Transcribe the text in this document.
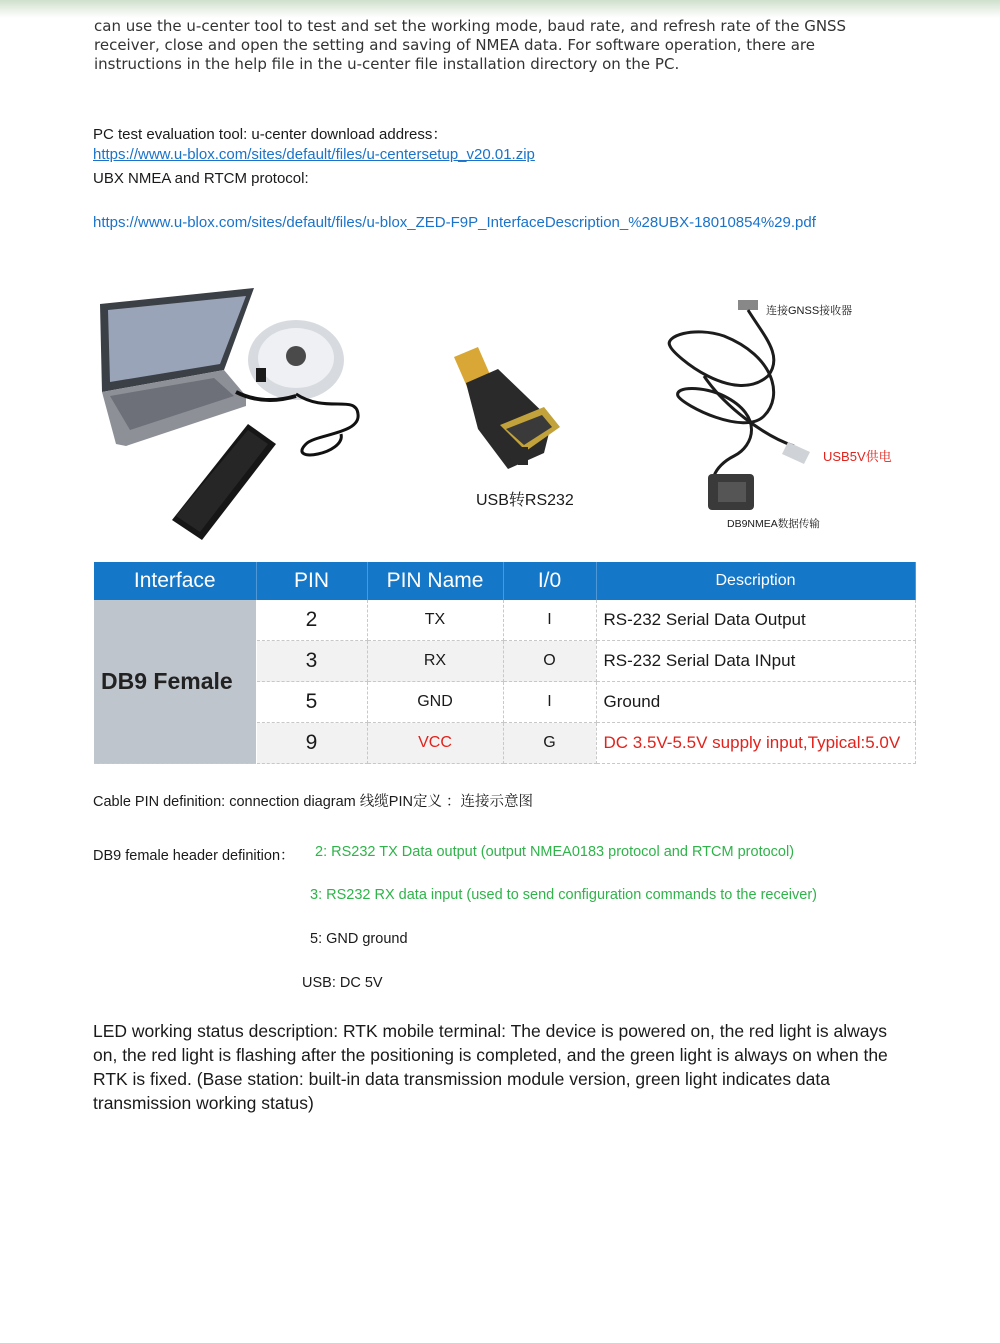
can use the u-center tool to test and set the working mode, baud rate, and refresh rate of the GNSS
receiver, close and open the setting and saving of NMEA data. For software operation, there are
instructions in the help file in the u-center file installation directory on the PC.
PC test evaluation tool: u-center download address：
https://www.u-blox.com/sites/default/files/u-centersetup_v20.01.zip
UBX NMEA and RTCM protocol:
https://www.u-blox.com/sites/default/files/u-blox_ZED-F9P_InterfaceDescription_%28UBX-18010854%29.pdf
USB转RS232
连接GNSS接收器
USB5V供电
DB9NMEA数据传输
Interface	PIN	PIN Name	I/0	Description
DB9 Female	2	TX	I	RS-232 Serial Data Output
	3	RX	O	RS-232 Serial Data INput
	5	GND	I	Ground
	9	VCC	G	DC 3.5V-5.5V supply input,Typical:5.0V
Cable PIN definition: connection diagram 线缆PIN定义 ：连接示意图
DB9 female header definition： 2: RS232 TX Data output (output NMEA0183 protocol and RTCM protocol)
3: RS232 RX data input (used to send configuration commands to the receiver)
5: GND ground
USB: DC 5V
LED working status description: RTK mobile terminal: The device is powered on, the red light is always
on, the red light is flashing after the positioning is completed, and the green light is always on when the
RTK is fixed. (Base station: built-in data transmission module version, green light indicates data
transmission working status)
